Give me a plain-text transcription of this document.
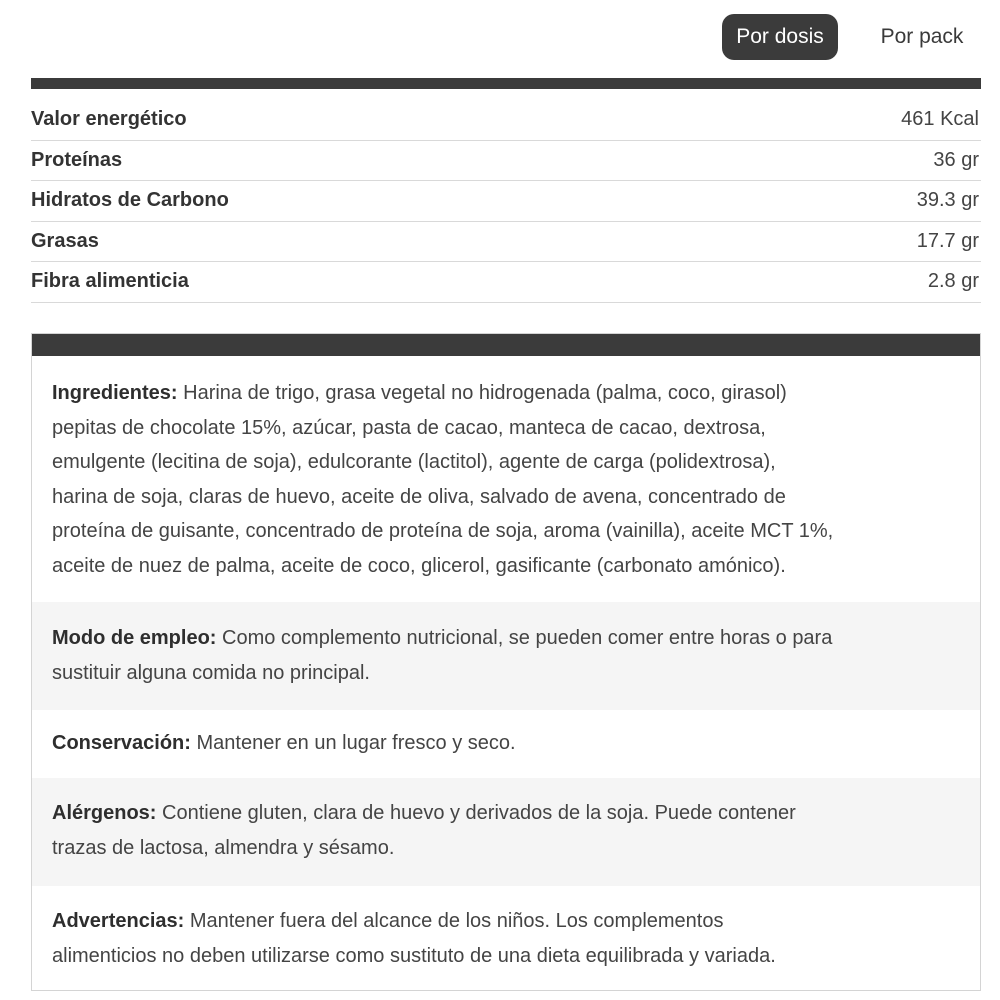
Por dosis	Por pack
Valor energético	461 Kcal
Proteínas	36 gr
Hidratos de Carbono	39.3 gr
Grasas	17.7 gr
Fibra alimenticia	2.8 gr
Ingredientes: Harina de trigo, grasa vegetal no hidrogenada (palma, coco, girasol)
pepitas de chocolate 15%, azúcar, pasta de cacao, manteca de cacao, dextrosa,
emulgente (lecitina de soja), edulcorante (lactitol), agente de carga (polidextrosa),
harina de soja, claras de huevo, aceite de oliva, salvado de avena, concentrado de
proteína de guisante, concentrado de proteína de soja, aroma (vainilla), aceite MCT 1%,
aceite de nuez de palma, aceite de coco, glicerol, gasificante (carbonato amónico).
Modo de empleo: Como complemento nutricional, se pueden comer entre horas o para
sustituir alguna comida no principal.
Conservación: Mantener en un lugar fresco y seco.
Alérgenos: Contiene gluten, clara de huevo y derivados de la soja. Puede contener
trazas de lactosa, almendra y sésamo.
Advertencias: Mantener fuera del alcance de los niños. Los complementos
alimenticios no deben utilizarse como sustituto de una dieta equilibrada y variada.
